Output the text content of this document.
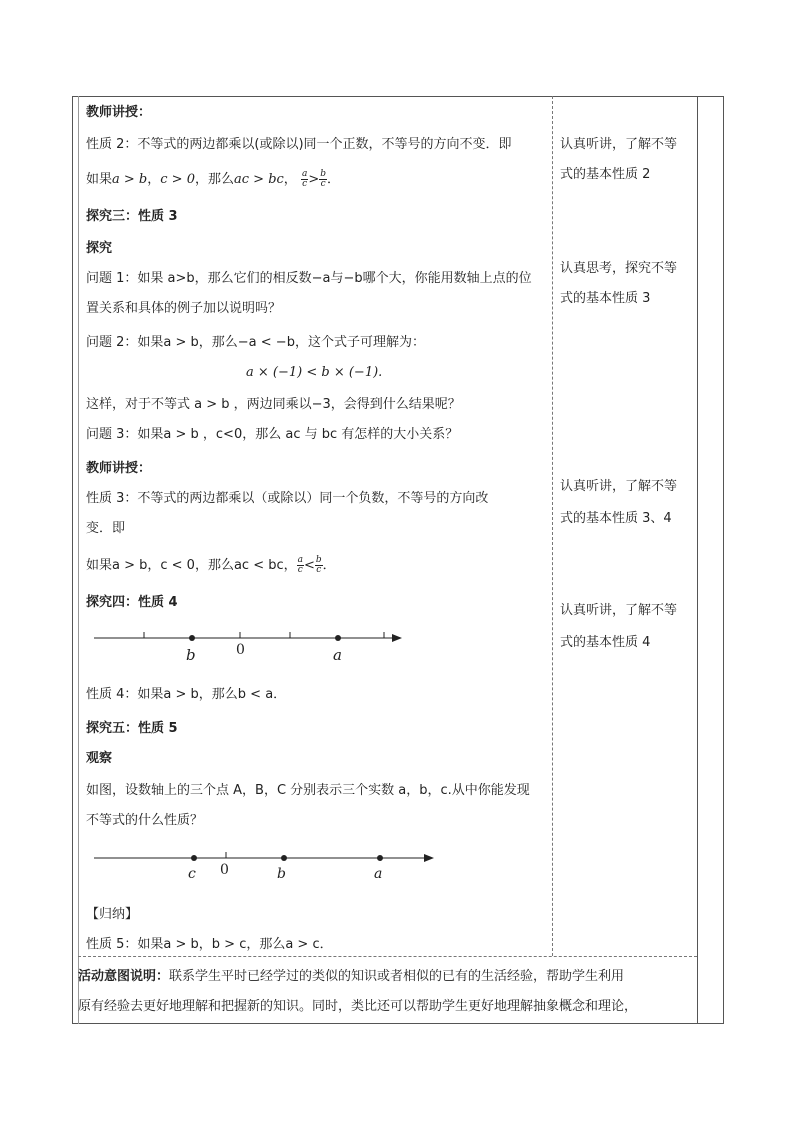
教师讲授：
性质 2：不等式的两边都乘以(或除以)同一个正数，不等号的方向不变．即
如果a > b，c > 0，那么ac > bc， $\frac{a}{c} > \frac{b}{c}$ ．
探究三：性质 3
探究
问题 1：如果 a>b，那么它们的相反数−a与−b哪个大，你能用数轴上点的位
置关系和具体的例子加以说明吗？
问题 2：如果a > b，那么−a < −b，这个式子可理解为：
a × (−1) < b × (−1).
这样，对于不等式 a > b ，两边同乘以−3，会得到什么结果呢？
问题 3：如果a > b ，c<0，那么 ac 与 bc 有怎样的大小关系？
教师讲授：
性质 3：不等式的两边都乘以（或除以）同一个负数，不等号的方向改
变．即
如果a > b，c < 0，那么ac < bc， $\frac{a}{c} < \frac{b}{c}$ ．
探究四：性质 4
b	0	a
性质 4：如果a > b，那么b < a．
探究五：性质 5
观察
如图，设数轴上的三个点 A，B，C 分别表示三个实数 a，b，c.从中你能发现
不等式的什么性质？
c 0	b	a
【归纳】
性质 5：如果a > b，b > c，那么a > c．
活动意图说明：联系学生平时已经学过的类似的知识或者相似的已有的生活经验，帮助学生利用
原有经验去更好地理解和把握新的知识。同时，类比还可以帮助学生更好地理解抽象概念和理论，
认真听讲，了解不等
式的基本性质 2
认真思考，探究不等
式的基本性质 3
认真听讲，了解不等
式的基本性质 3、4
认真听讲，了解不等
式的基本性质 4
